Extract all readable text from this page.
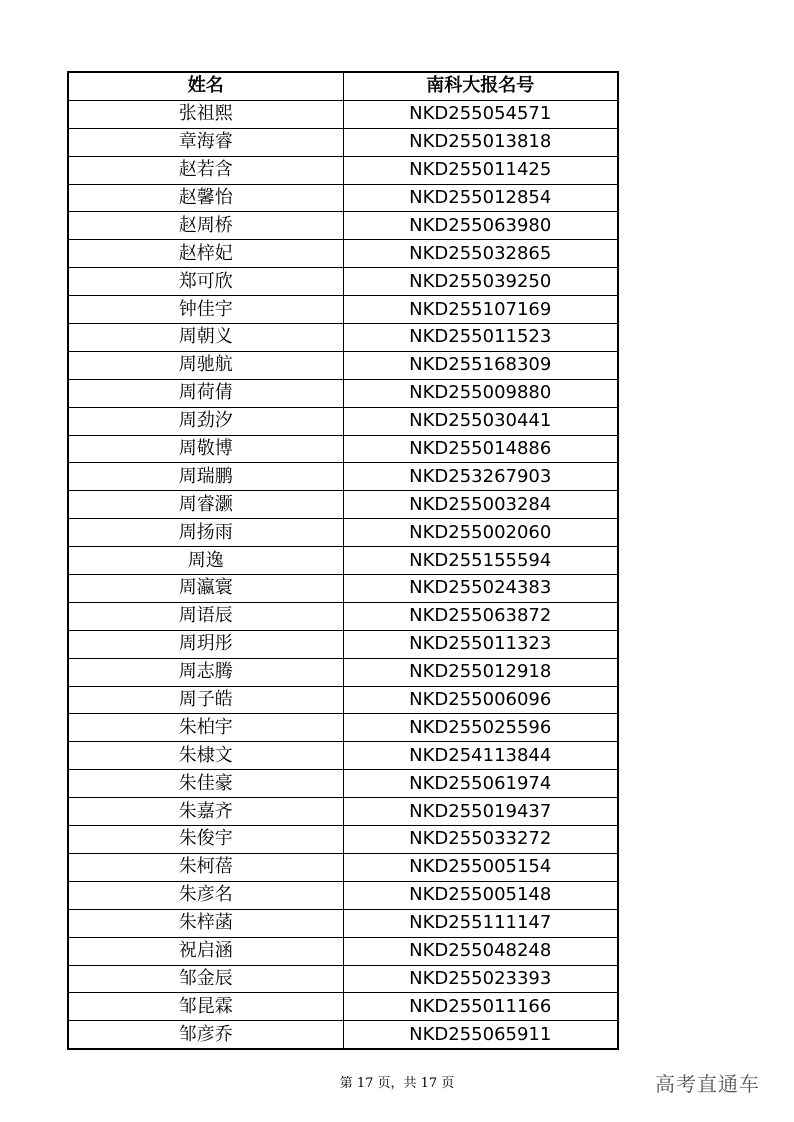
姓名	南科大报名号
张祖熙	NKD255054571
章海睿	NKD255013818
赵若含	NKD255011425
赵馨怡	NKD255012854
赵周桥	NKD255063980
赵梓妃	NKD255032865
郑可欣	NKD255039250
钟佳宇	NKD255107169
周朝义	NKD255011523
周驰航	NKD255168309
周荷倩	NKD255009880
周劲汐	NKD255030441
周敬博	NKD255014886
周瑞鹏	NKD253267903
周睿灏	NKD255003284
周扬雨	NKD255002060
周逸	NKD255155594
周瀛寰	NKD255024383
周语辰	NKD255063872
周玥彤	NKD255011323
周志腾	NKD255012918
周子皓	NKD255006096
朱柏宇	NKD255025596
朱棣文	NKD254113844
朱佳豪	NKD255061974
朱嘉齐	NKD255019437
朱俊宇	NKD255033272
朱柯蓓	NKD255005154
朱彦名	NKD255005148
朱梓菡	NKD255111147
祝启涵	NKD255048248
邹金辰	NKD255023393
邹昆霖	NKD255011166
邹彦乔	NKD255065911
第 17 页，共 17 页	高考直通车
